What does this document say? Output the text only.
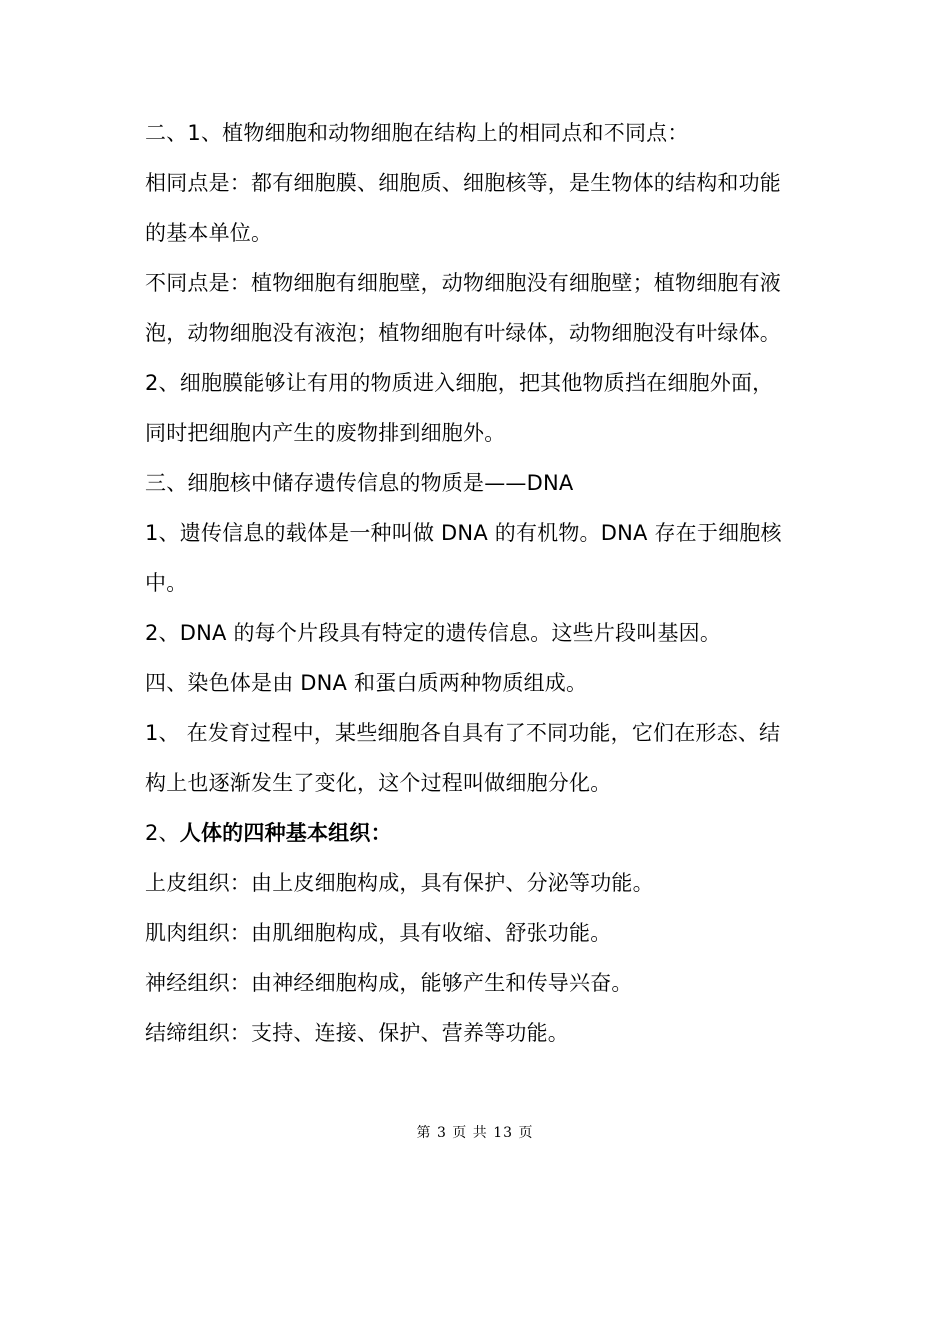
二、1、植物细胞和动物细胞在结构上的相同点和不同点：
相同点是：都有细胞膜、细胞质、细胞核等，是生物体的结构和功能
的基本单位。
不同点是：植物细胞有细胞壁，动物细胞没有细胞壁；植物细胞有液
泡，动物细胞没有液泡；植物细胞有叶绿体，动物细胞没有叶绿体。
2、细胞膜能够让有用的物质进入细胞，把其他物质挡在细胞外面，
同时把细胞内产生的废物排到细胞外。
三、细胞核中储存遗传信息的物质是——DNA
1、遗传信息的载体是一种叫做 DNA 的有机物。DNA 存在于细胞核
中。
2、DNA 的每个片段具有特定的遗传信息。这些片段叫基因。
四、染色体是由 DNA 和蛋白质两种物质组成。
1、 在发育过程中，某些细胞各自具有了不同功能，它们在形态、结
构上也逐渐发生了变化，这个过程叫做细胞分化。
2、人体的四种基本组织：
上皮组织：由上皮细胞构成，具有保护、分泌等功能。
肌肉组织：由肌细胞构成，具有收缩、舒张功能。
神经组织：由神经细胞构成，能够产生和传导兴奋。
结缔组织：支持、连接、保护、营养等功能。
第 3 页 共 13 页
